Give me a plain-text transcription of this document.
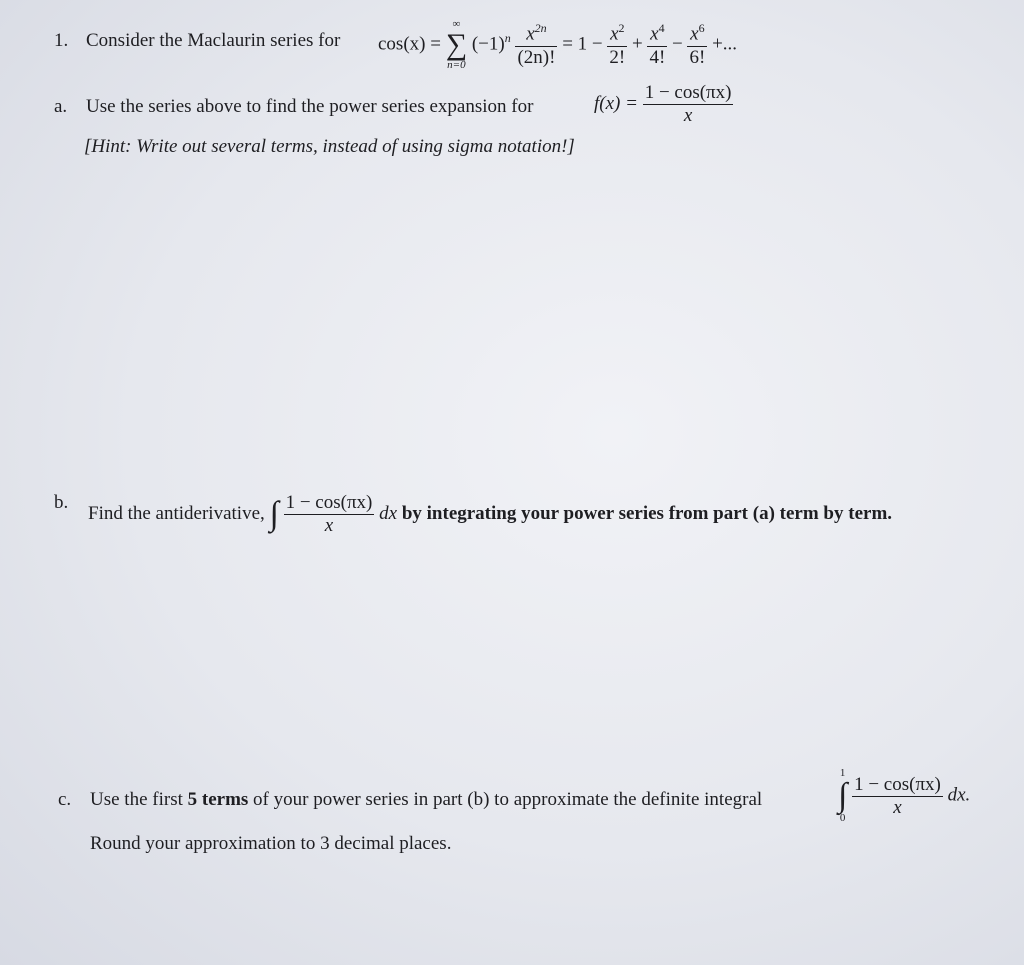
1. Consider the Maclaurin series for cos(x) =
∞
∑
n=0
$(-1)^n \frac{x^{2n}}{(2n)!} = 1 - \frac{x^2}{2!} + \frac{x^4}{4!} - \frac{x^6}{6!}$ +...
a. Use the series above to find the power series expansion for	$f(x) = \frac{1 - \cos(\pi x)}{x}$
[Hint: Write out several terms, instead of using sigma notation!]
b.
Find the antiderivative, ∫ $\frac{1 - \cos(\pi x)}{x}$ dx by integrating your power series from part (a) term by term.
c. Use the first 5 terms of your power series in part (b) to approximate the definite integral
1
∫
0
$\frac{1 - \cos(\pi x)}{x}$ dx.
Round your approximation to 3 decimal places.
